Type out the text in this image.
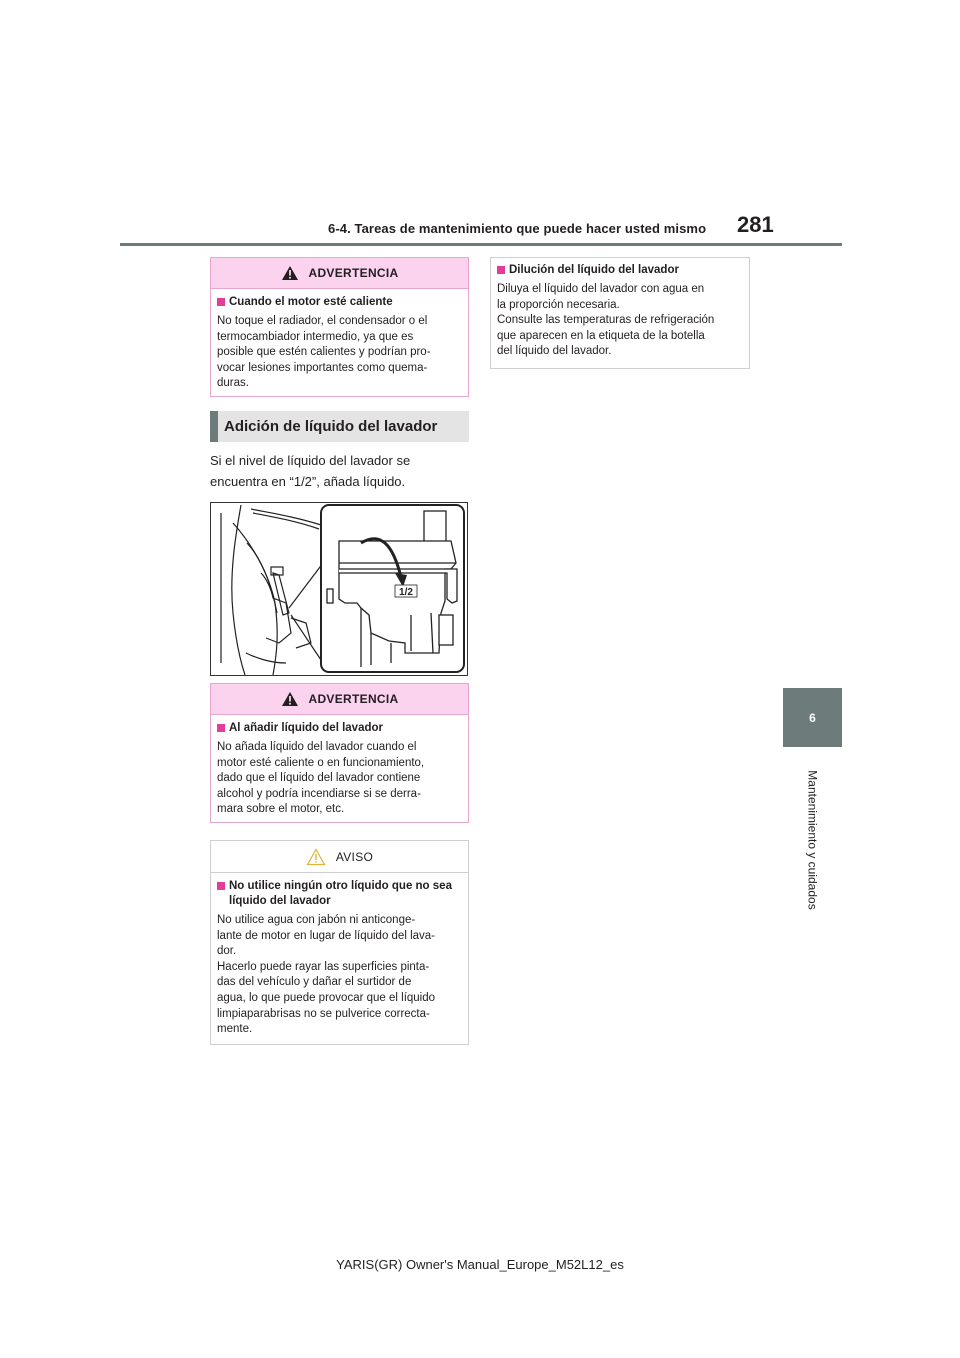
6-4. Tareas de mantenimiento que puede hacer usted mismo 281
6
Mantenimiento y cuidados
ADVERTENCIA
Cuando el motor esté caliente
No toque el radiador, el condensador o el
termocambiador intermedio, ya que es
posible que estén calientes y podrían pro-
vocar lesiones importantes como quema-
duras.
Adición de líquido del lavador
Si el nivel de líquido del lavador se
encuentra en “1/2”, añada líquido.
1/2
ADVERTENCIA
Al añadir líquido del lavador
No añada líquido del lavador cuando el
motor esté caliente o en funcionamiento,
dado que el líquido del lavador contiene
alcohol y podría incendiarse si se derra-
mara sobre el motor, etc.
AVISO
No utilice ningún otro líquido que no sea líquido del lavador
No utilice agua con jabón ni anticonge-
lante de motor en lugar de líquido del lava-
dor.
Hacerlo puede rayar las superficies pinta-
das del vehículo y dañar el surtidor de
agua, lo que puede provocar que el líquido
limpiaparabrisas no se pulverice correcta-
mente.
Dilución del líquido del lavador
Diluya el líquido del lavador con agua en
la proporción necesaria.
Consulte las temperaturas de refrigeración
que aparecen en la etiqueta de la botella
del líquido del lavador.
YARIS(GR) Owner's Manual_Europe_M52L12_es
